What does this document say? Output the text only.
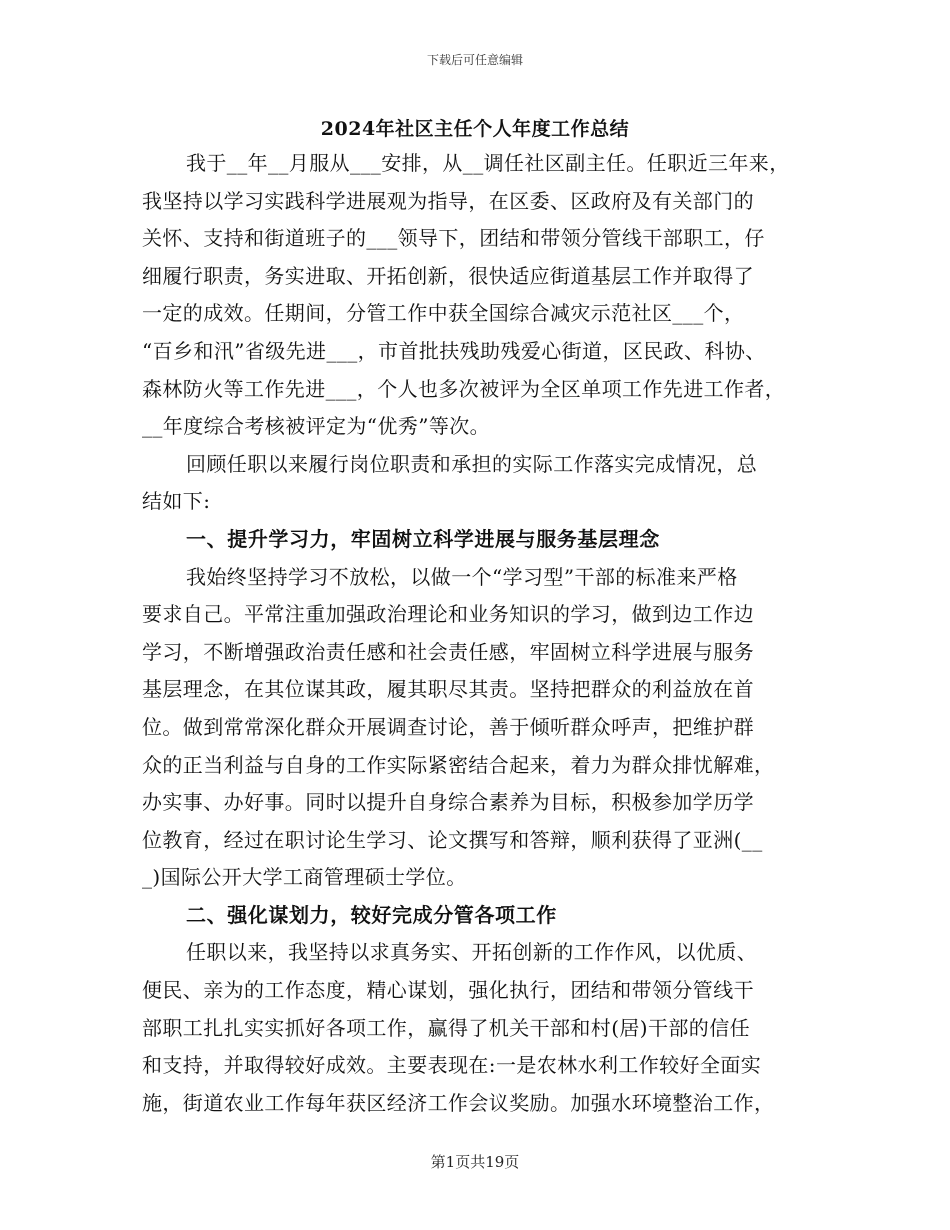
下载后可任意编辑
2024年社区主任个人年度工作总结
我于__年__月服从___安排，从__调任社区副主任。任职近三年来，
我坚持以学习实践科学进展观为指导，在区委、区政府及有关部门的
关怀、支持和街道班子的___领导下，团结和带领分管线干部职工，仔
细履行职责，务实进取、开拓创新，很快适应街道基层工作并取得了
一定的成效。任期间，分管工作中获全国综合减灾示范社区___个，
“百乡和汛”省级先进___，市首批扶残助残爱心街道，区民政、科协、
森林防火等工作先进___，个人也多次被评为全区单项工作先进工作者，
__年度综合考核被评定为“优秀”等次。
回顾任职以来履行岗位职责和承担的实际工作落实完成情况，总
结如下:
一、提升学习力，牢固树立科学进展与服务基层理念
我始终坚持学习不放松，以做一个“学习型”干部的标准来严格
要求自己。平常注重加强政治理论和业务知识的学习，做到边工作边
学习，不断增强政治责任感和社会责任感，牢固树立科学进展与服务
基层理念，在其位谋其政，履其职尽其责。坚持把群众的利益放在首
位。做到常常深化群众开展调查讨论，善于倾听群众呼声，把维护群
众的正当利益与自身的工作实际紧密结合起来，着力为群众排忧解难，
办实事、办好事。同时以提升自身综合素养为目标，积极参加学历学
位教育，经过在职讨论生学习、论文撰写和答辩，顺利获得了亚洲(__
_)国际公开大学工商管理硕士学位。
二、强化谋划力，较好完成分管各项工作
任职以来，我坚持以求真务实、开拓创新的工作作风，以优质、
便民、亲为的工作态度，精心谋划，强化执行，团结和带领分管线干
部职工扎扎实实抓好各项工作，赢得了机关干部和村(居)干部的信任
和支持，并取得较好成效。主要表现在:一是农林水利工作较好全面实
施，街道农业工作每年获区经济工作会议奖励。加强水环境整治工作，
第1页共19页
